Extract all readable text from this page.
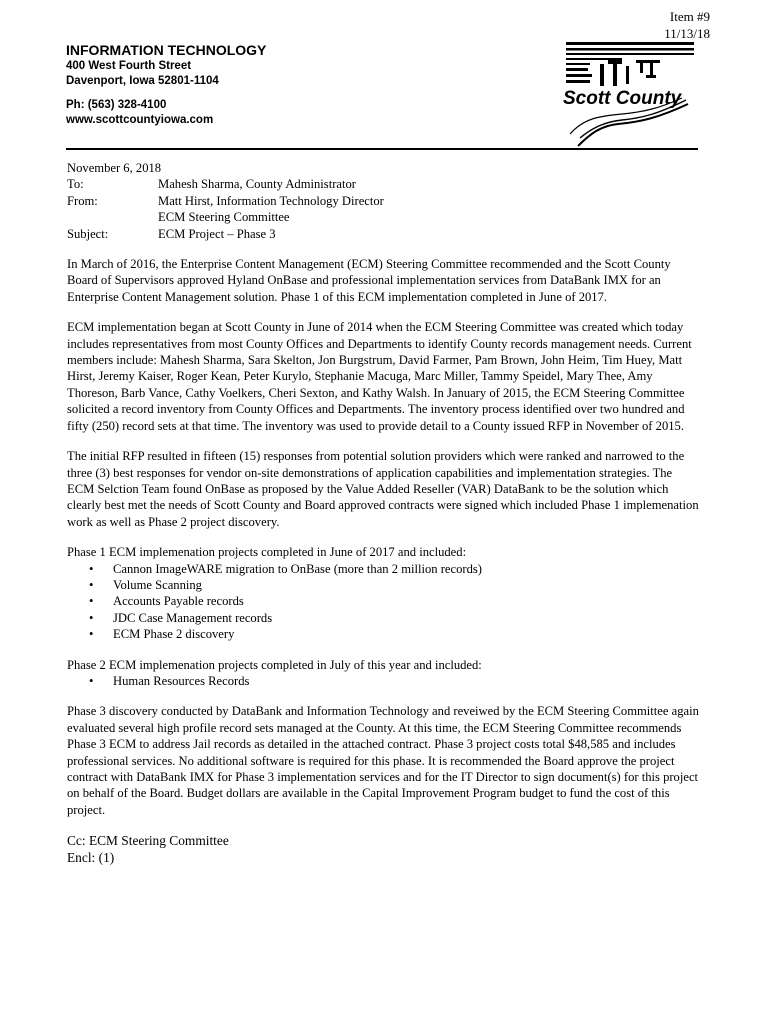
Item #9
11/13/18
INFORMATION TECHNOLOGY
400 West Fourth Street
Davenport, Iowa 52801-1104
Ph: (563) 328-4100
www.scottcountyiowa.com
Scott County
November 6, 2018
To:	Mahesh Sharma, County Administrator
From:	Matt Hirst, Information Technology Director
ECM Steering Committee
Subject:	ECM Project – Phase 3

In March of 2016, the Enterprise Content Management (ECM) Steering Committee recommended and the Scott County Board of Supervisors approved Hyland OnBase and professional implementation services from DataBank IMX for an Enterprise Content Management solution. Phase 1 of this ECM implementation completed in June of 2017.

ECM implementation began at Scott County in June of 2014 when the ECM Steering Committee was created which today includes representatives from most County Offices and Departments to identify County records management needs. Current members include: Mahesh Sharma, Sara Skelton, Jon Burgstrum, David Farmer, Pam Brown, John Heim, Tim Huey, Matt Hirst, Jeremy Kaiser, Roger Kean, Peter Kurylo, Stephanie Macuga, Marc Miller, Tammy Speidel, Mary Thee, Amy Thoreson, Barb Vance, Cathy Voelkers, Cheri Sexton, and Kathy Walsh. In January of 2015, the ECM Steering Committee solicited a record inventory from County Offices and Departments. The inventory process identified over two hundred and fifty (250) record sets at that time. The inventory was used to provide detail to a County issued RFP in November of 2015.

The initial RFP resulted in fifteen (15) responses from potential solution providers which were ranked and narrowed to the three (3) best responses for vendor on-site demonstrations of application capabilities and implementation strategies. The ECM Selction Team found OnBase as proposed by the Value Added Reseller (VAR) DataBank to be the solution which clearly best met the needs of Scott County and Board approved contracts were signed which included Phase 1 implemenation work as well as Phase 2 project discovery.

Phase 1 ECM implemenation projects completed in June of 2017 and included:
•	Cannon ImageWARE migration to OnBase (more than 2 million records)
•	Volume Scanning
•	Accounts Payable records
•	JDC Case Management records
•	ECM Phase 2 discovery
Phase 2 ECM implemenation projects completed in July of this year and included:
•	Human Resources Records

Phase 3 discovery conducted by DataBank and Information Technology and reveiwed by the ECM Steering Committee again evaluated several high profile record sets managed at the County. At this time, the ECM Steering Committee recommends Phase 3 ECM to address Jail records as detailed in the attached contract. Phase 3 project costs total $48,585 and includes professional services. No additional software is required for this phase. It is recommended the Board approve the project contract with DataBank IMX for Phase 3 implementation services and for the IT Director to sign document(s) for this project on behalf of the Board. Budget dollars are available in the Capital Improvement Program budget to fund the cost of this project.

Cc: ECM Steering Committee
Encl: (1)
